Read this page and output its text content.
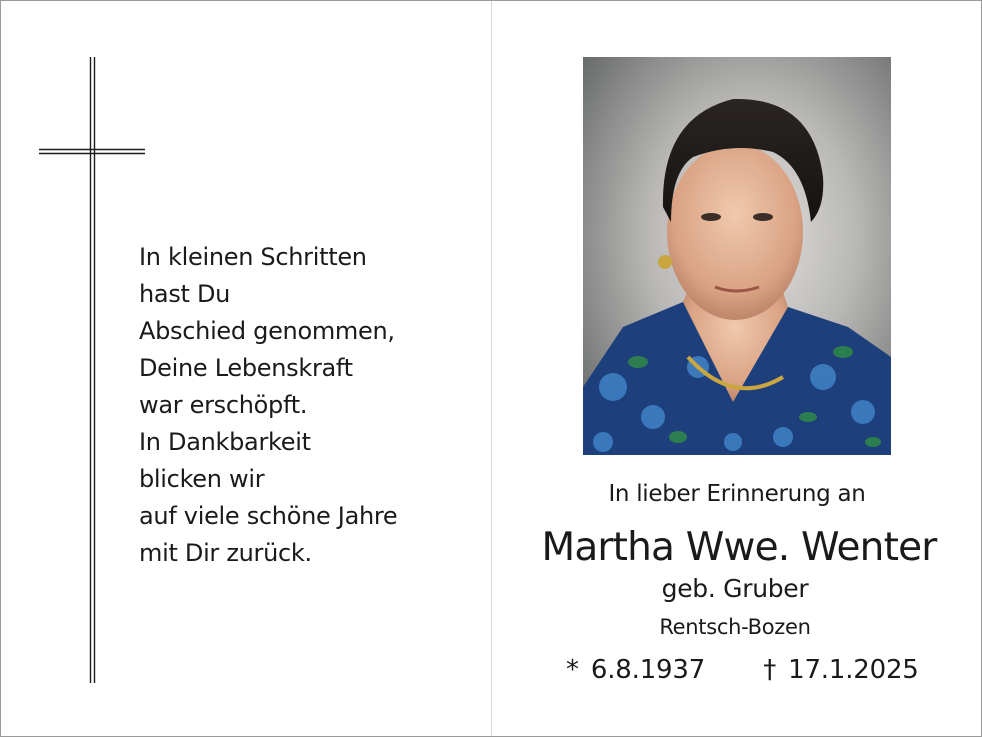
In kleinen Schritten
hast Du
Abschied genommen,
Deine Lebenskraft
war erschöpft.
In Dankbarkeit
blicken wir
auf viele schöne Jahre
mit Dir zurück.
In lieber Erinnerung an
Martha Wwe. Wenter
geb. Gruber
Rentsch-Bozen
* 6.8.1937 † 17.1.2025
